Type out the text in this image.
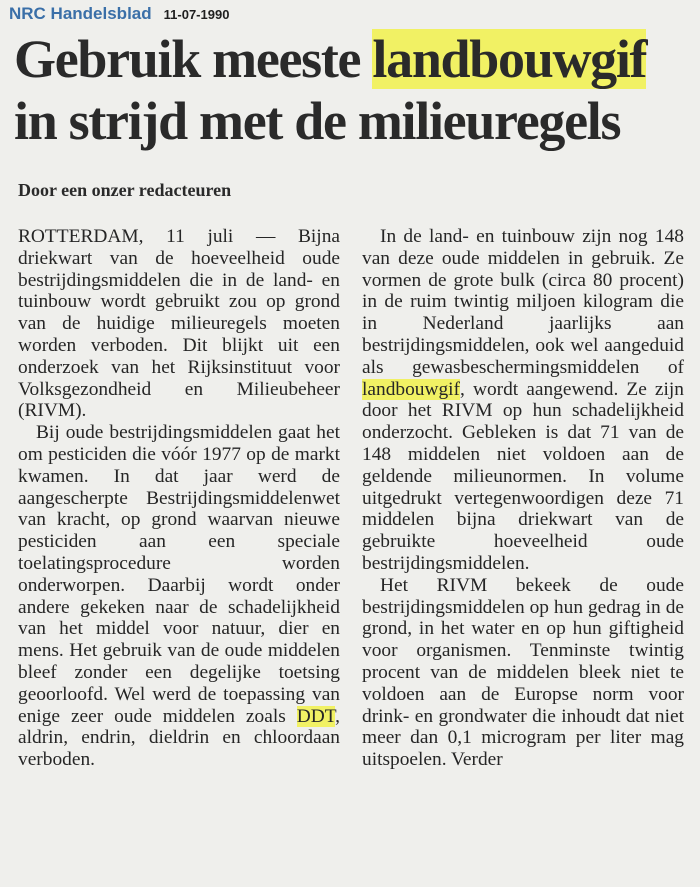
NRC Handelsblad 11-07-1990
Gebruik meeste landbouwgif
in strijd met de milieuregels
Door een onzer redacteuren

ROTTERDAM, 11 juli — Bijna driekwart van de hoeveelheid oude bestrijdingsmiddelen die in de land- en tuinbouw wordt gebruikt zou op grond van de huidige milieuregels moeten worden verboden. Dit blijkt uit een onderzoek van het Rijksinstituut voor Volksgezondheid en Milieubeheer (RIVM).

Bij oude bestrijdingsmiddelen gaat het om pesticiden die vóór 1977 op de markt kwamen. In dat jaar werd de aangescherpte Bestrijdingsmiddelenwet van kracht, op grond waarvan nieuwe pesticiden aan een speciale toelatingsprocedure worden onderworpen. Daarbij wordt onder andere gekeken naar de schadelijkheid van het middel voor natuur, dier en mens. Het gebruik van de oude middelen bleef zonder een degelijke toetsing geoorloofd. Wel werd de toepassing van enige zeer oude middelen zoals DDT, aldrin, endrin, dieldrin en chloordaan verboden.

In de land- en tuinbouw zijn nog 148 van deze oude middelen in gebruik. Ze vormen de grote bulk (circa 80 procent) in de ruim twintig miljoen kilogram die in Nederland jaarlijks aan bestrijdingsmiddelen, ook wel aangeduid als gewasbeschermingsmiddelen of landbouwgif, wordt aangewend. Ze zijn door het RIVM op hun schadelijkheid onderzocht. Gebleken is dat 71 van de 148 middelen niet voldoen aan de geldende milieunormen. In volume uitgedrukt vertegenwoordigen deze 71 middelen bijna driekwart van de gebruikte hoeveelheid oude bestrijdingsmiddelen.

Het RIVM bekeek de oude bestrijdingsmiddelen op hun gedrag in de grond, in het water en op hun giftigheid voor organismen. Tenminste twintig procent van de middelen bleek niet te voldoen aan de Europse norm voor drink- en grondwater die inhoudt dat niet meer dan 0,1 microgram per liter mag uitspoelen. Verder
